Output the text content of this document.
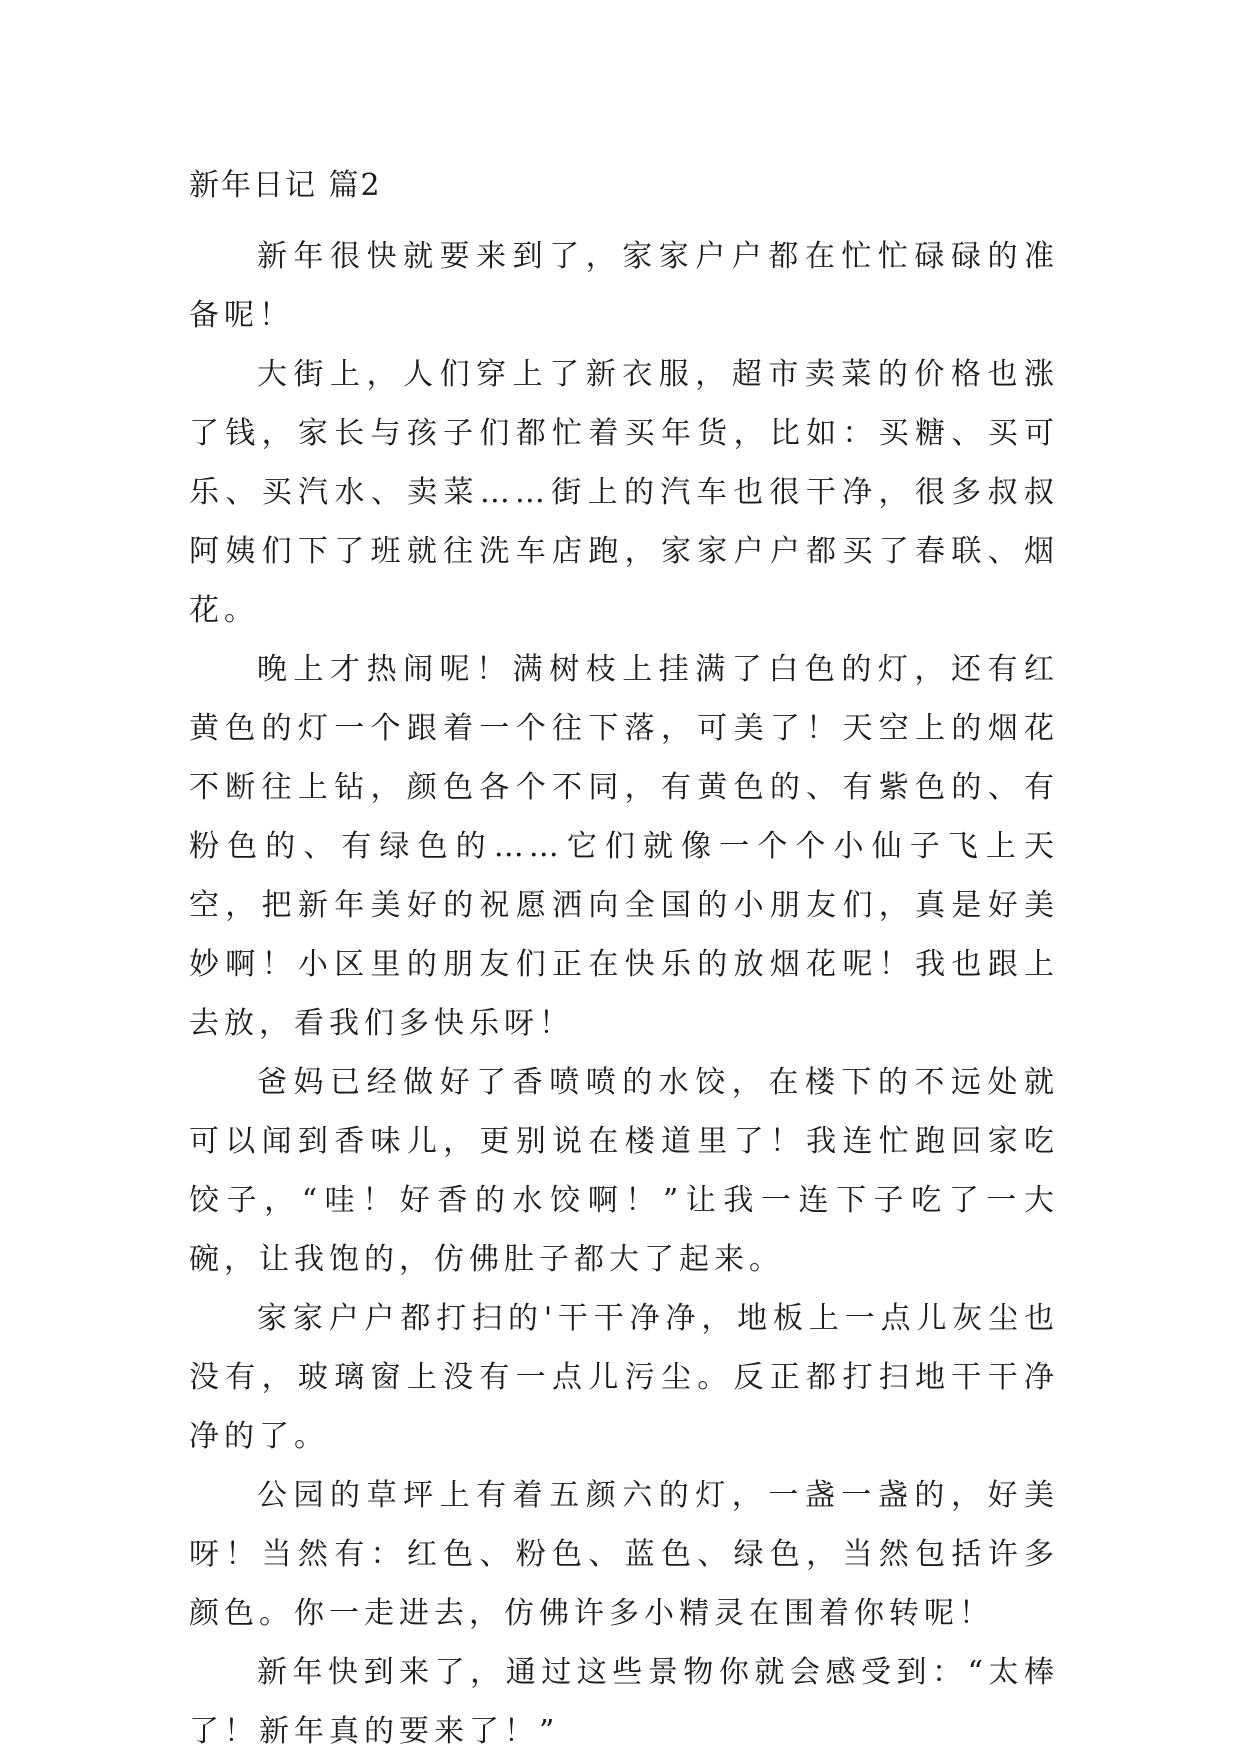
新年日记 篇2

新年很快就要来到了，家家户户都在忙忙碌碌的准备呢！

大街上，人们穿上了新衣服，超市卖菜的价格也涨了钱，家长与孩子们都忙着买年货，比如：买糖、买可乐、买汽水、卖菜……街上的汽车也很干净，很多叔叔阿姨们下了班就往洗车店跑，家家户户都买了春联、烟花。

晚上才热闹呢！满树枝上挂满了白色的灯，还有红黄色的灯一个跟着一个往下落，可美了！天空上的烟花不断往上钻，颜色各个不同，有黄色的、有紫色的、有粉色的、有绿色的……它们就像一个个小仙子飞上天空，把新年美好的祝愿洒向全国的小朋友们，真是好美妙啊！小区里的朋友们正在快乐的放烟花呢！我也跟上去放，看我们多快乐呀！

爸妈已经做好了香喷喷的水饺，在楼下的不远处就可以闻到香味儿，更别说在楼道里了！我连忙跑回家吃饺子，“哇！好香的水饺啊！”让我一连下子吃了一大碗，让我饱的，仿佛肚子都大了起来。

家家户户都打扫的'干干净净，地板上一点儿灰尘也没有，玻璃窗上没有一点儿污尘。反正都打扫地干干净净的了。

公园的草坪上有着五颜六的灯，一盏一盏的，好美呀！当然有：红色、粉色、蓝色、绿色，当然包括许多颜色。你一走进去，仿佛许多小精灵在围着你转呢！

新年快到来了，通过这些景物你就会感受到：“太棒了！新年真的要来了！”
